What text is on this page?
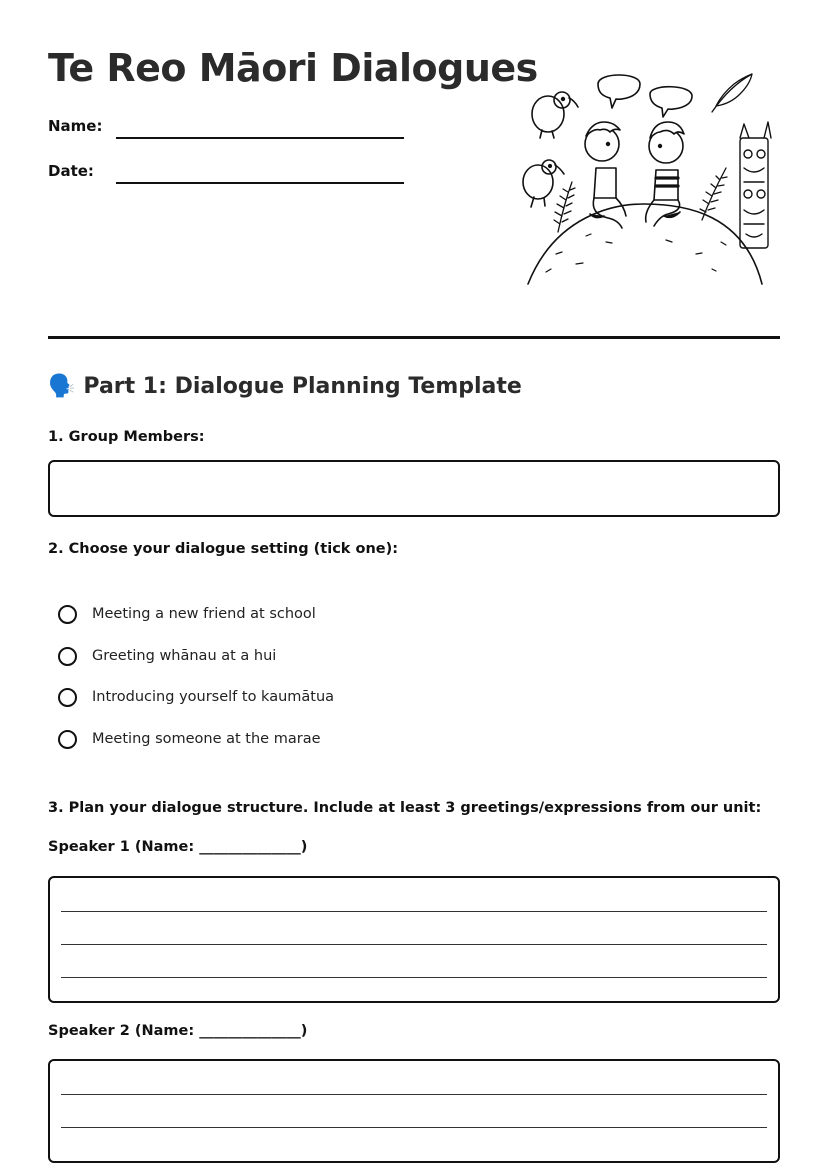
Te Reo Māori Dialogues
Name:
Date:
🗣️ Part 1: Dialogue Planning Template
1. Group Members:
2. Choose your dialogue setting (tick one):
Meeting a new friend at school
Greeting whānau at a hui
Introducing yourself to kaumātua
Meeting someone at the marae
3. Plan your dialogue structure. Include at least 3 greetings/expressions from our unit:
Speaker 1 (Name: ______________)
Speaker 2 (Name: ______________)
